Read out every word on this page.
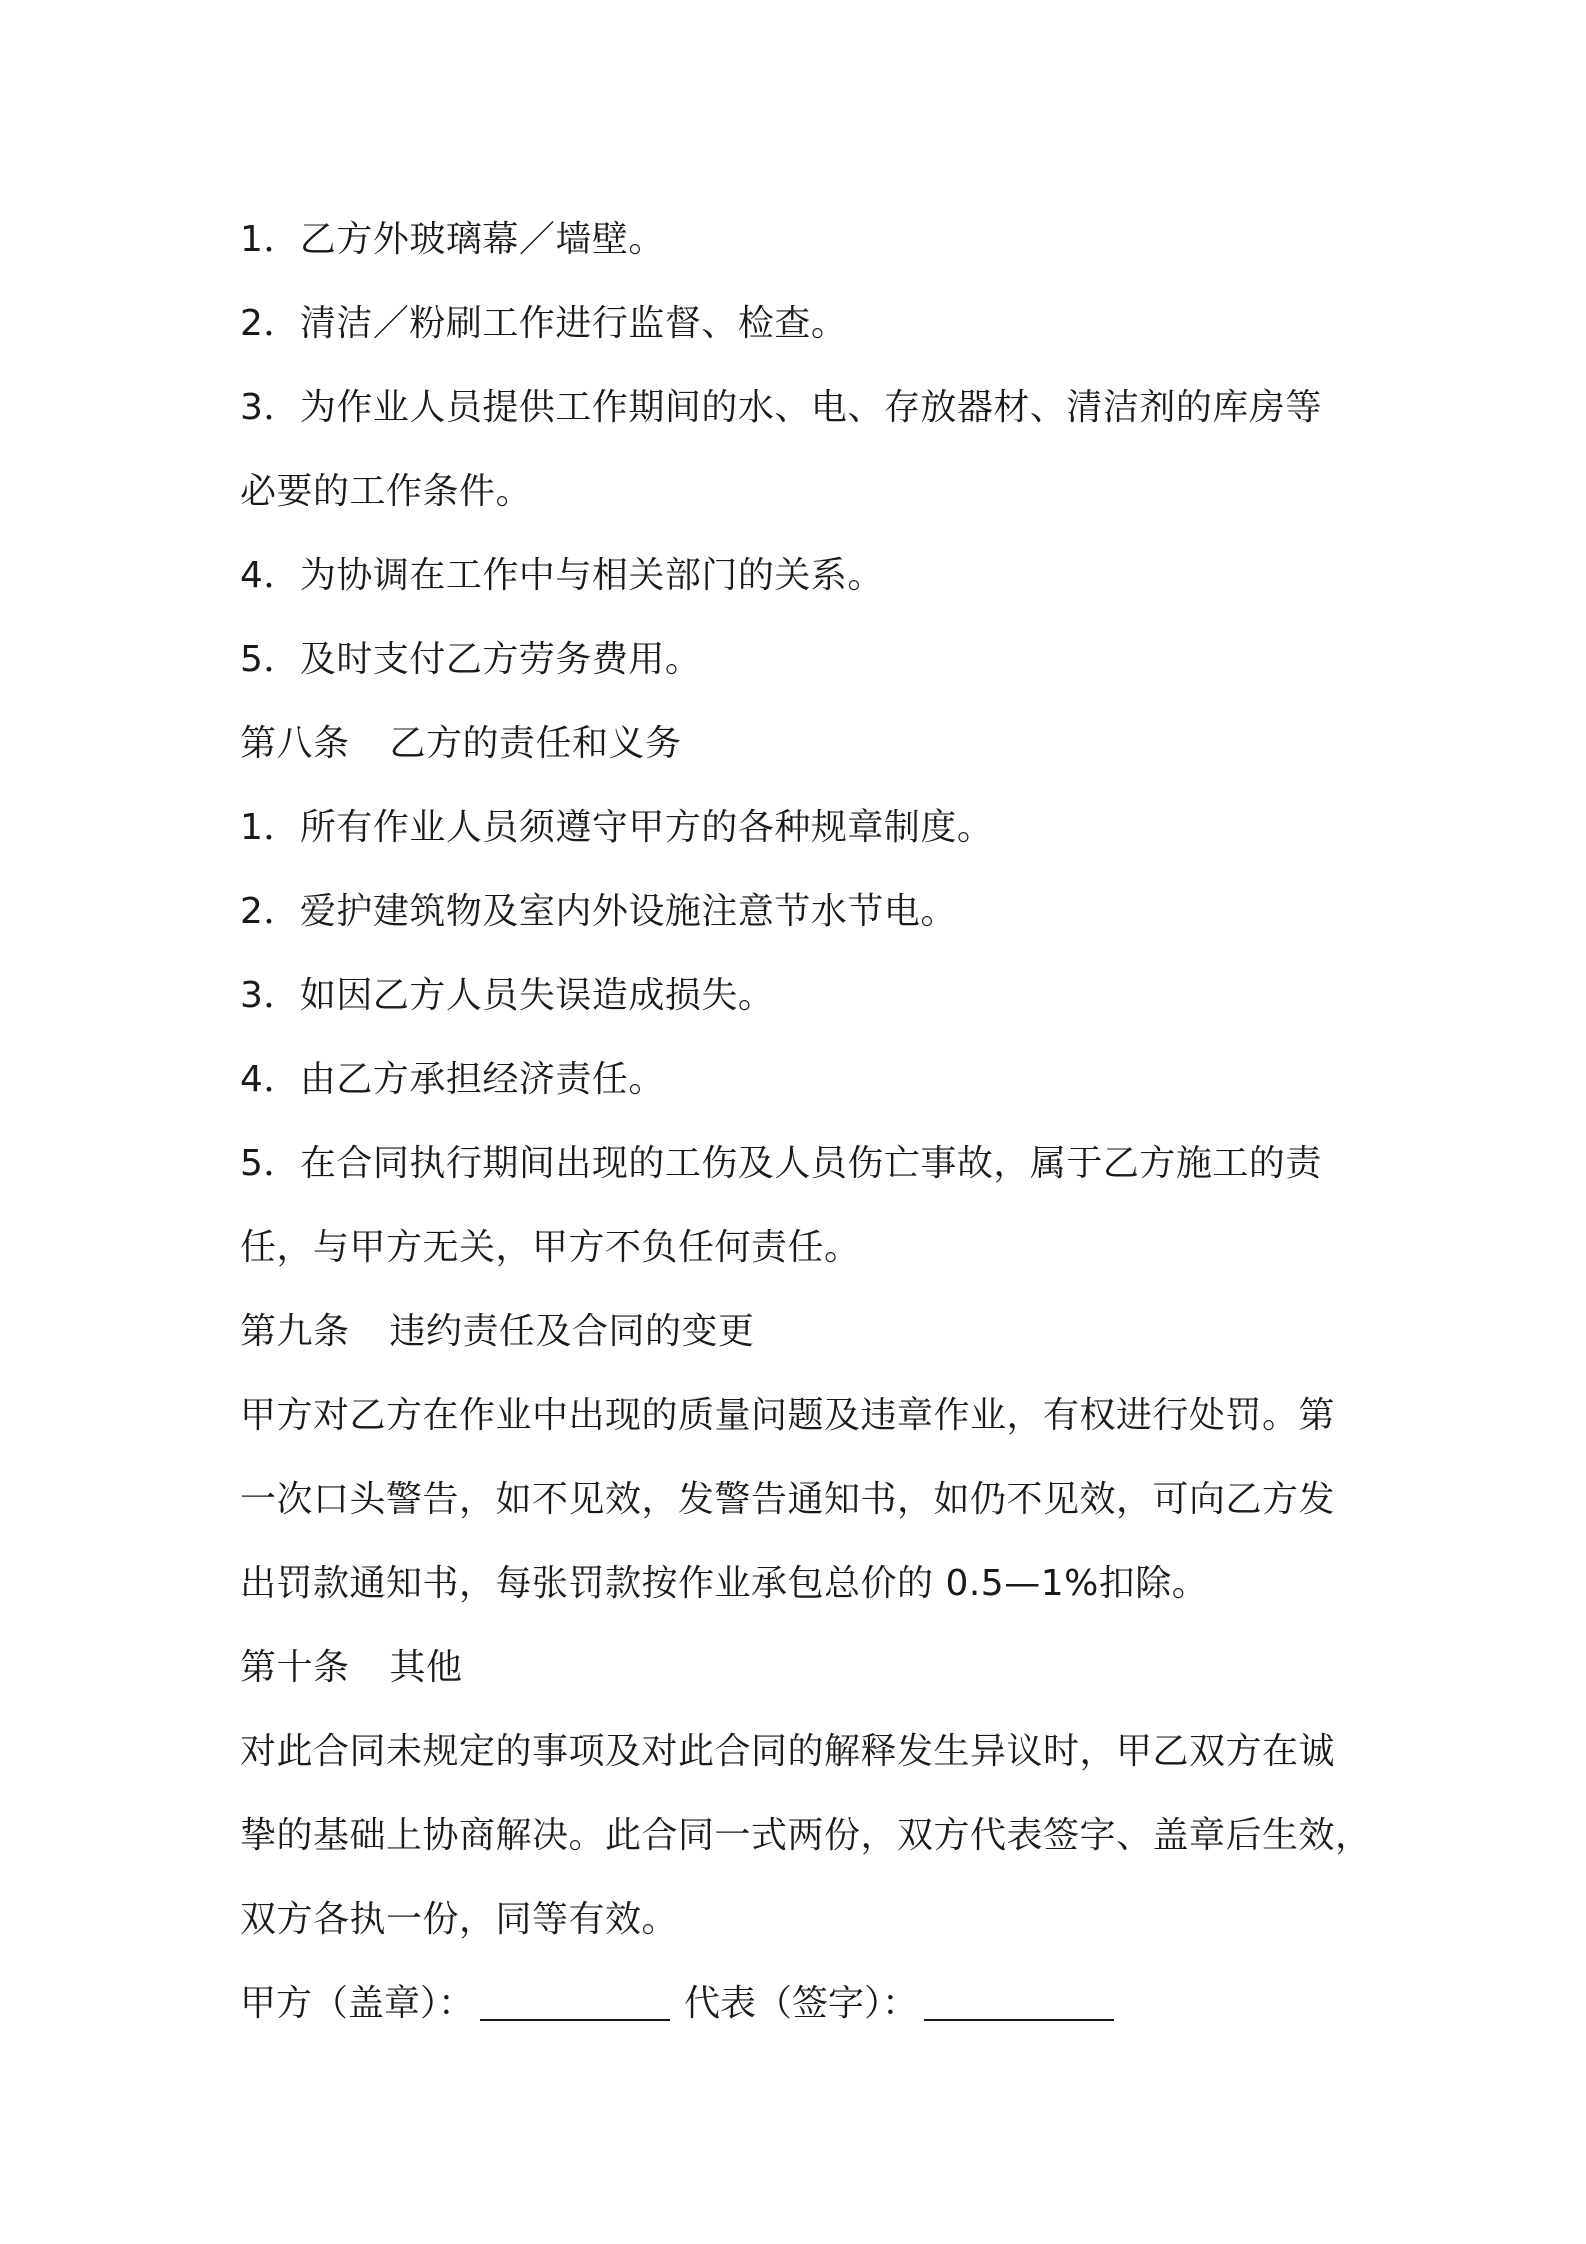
1．乙方外玻璃幕／墙壁。
2．清洁／粉刷工作进行监督、检查。
3．为作业人员提供工作期间的水、电、存放器材、清洁剂的库房等
必要的工作条件。
4．为协调在工作中与相关部门的关系。
5．及时支付乙方劳务费用。
第八条 乙方的责任和义务
1．所有作业人员须遵守甲方的各种规章制度。
2．爱护建筑物及室内外设施注意节水节电。
3．如因乙方人员失误造成损失。
4．由乙方承担经济责任。
5．在合同执行期间出现的工伤及人员伤亡事故，属于乙方施工的责
任，与甲方无关，甲方不负任何责任。
第九条 违约责任及合同的变更
甲方对乙方在作业中出现的质量问题及违章作业，有权进行处罚。第
一次口头警告，如不见效，发警告通知书，如仍不见效，可向乙方发
出罚款通知书，每张罚款按作业承包总价的 0.5—1%扣除。
第十条 其他
对此合同未规定的事项及对此合同的解释发生异议时，甲乙双方在诚
挚的基础上协商解决。此合同一式两份，双方代表签字、盖章后生效，
双方各执一份，同等有效。
甲方（盖章）：	代表（签字）：
